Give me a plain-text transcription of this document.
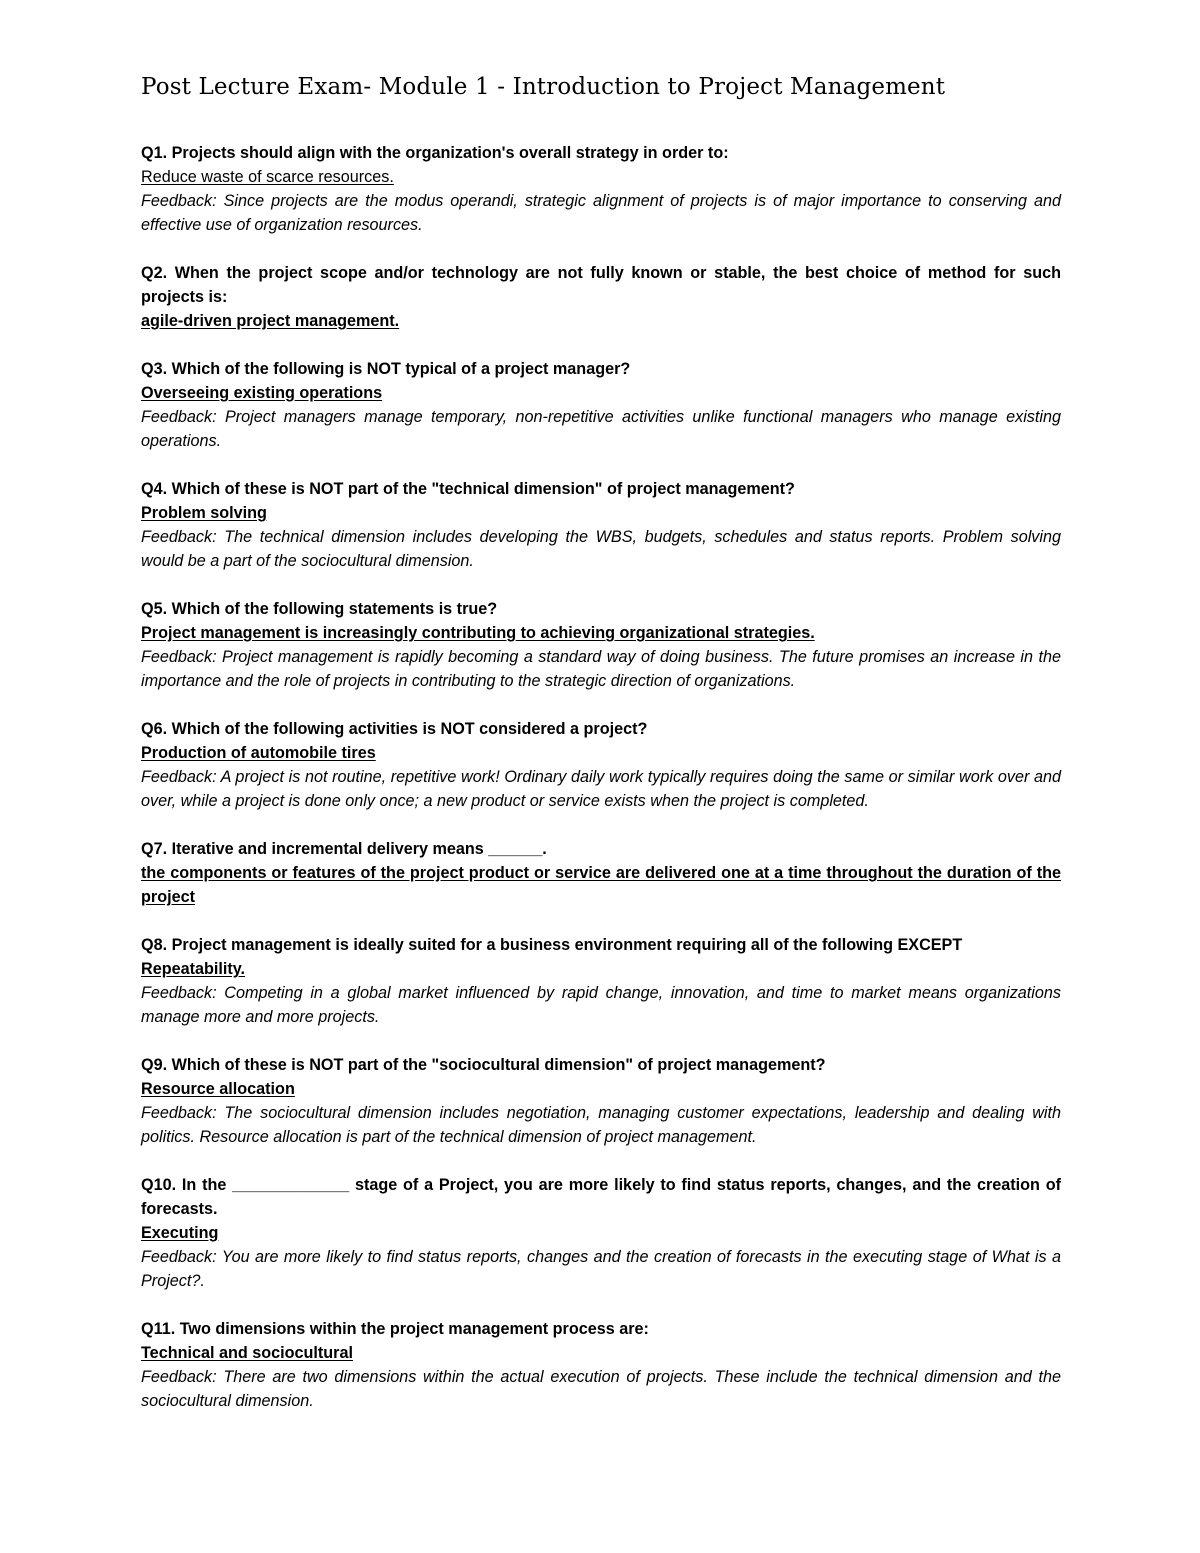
Post Lecture Exam- Module 1 - Introduction to Project Management

Q1. Projects should align with the organization's overall strategy in order to:

Reduce waste of scarce resources.

Feedback: Since projects are the modus operandi, strategic alignment of projects is of major importance to conserving and effective use of organization resources.

Q2. When the project scope and/or technology are not fully known or stable, the best choice of method for such projects is:

agile-driven project management.

Q3. Which of the following is NOT typical of a project manager?

Overseeing existing operations

Feedback: Project managers manage temporary, non-repetitive activities unlike functional managers who manage existing operations.

Q4. Which of these is NOT part of the "technical dimension" of project management?

Problem solving

Feedback: The technical dimension includes developing the WBS, budgets, schedules and status reports. Problem solving would be a part of the sociocultural dimension.

Q5. Which of the following statements is true?

Project management is increasingly contributing to achieving organizational strategies.

Feedback: Project management is rapidly becoming a standard way of doing business. The future promises an increase in the importance and the role of projects in contributing to the strategic direction of organizations.

Q6. Which of the following activities is NOT considered a project?

Production of automobile tires

Feedback: A project is not routine, repetitive work! Ordinary daily work typically requires doing the same or similar work over and over, while a project is done only once; a new product or service exists when the project is completed.

Q7. Iterative and incremental delivery means ______.

the components or features of the project product or service are delivered one at a time throughout the duration of the project

Q8. Project management is ideally suited for a business environment requiring all of the following EXCEPT

Repeatability.

Feedback: Competing in a global market influenced by rapid change, innovation, and time to market means organizations manage more and more projects.

Q9. Which of these is NOT part of the "sociocultural dimension" of project management?

Resource allocation

Feedback: The sociocultural dimension includes negotiation, managing customer expectations, leadership and dealing with politics. Resource allocation is part of the technical dimension of project management.

Q10. In the _____________ stage of a Project, you are more likely to find status reports, changes, and the creation of forecasts.

Executing

Feedback: You are more likely to find status reports, changes and the creation of forecasts in the executing stage of What is a Project?.

Q11. Two dimensions within the project management process are:

Technical and sociocultural

Feedback: There are two dimensions within the actual execution of projects. These include the technical dimension and the sociocultural dimension.
